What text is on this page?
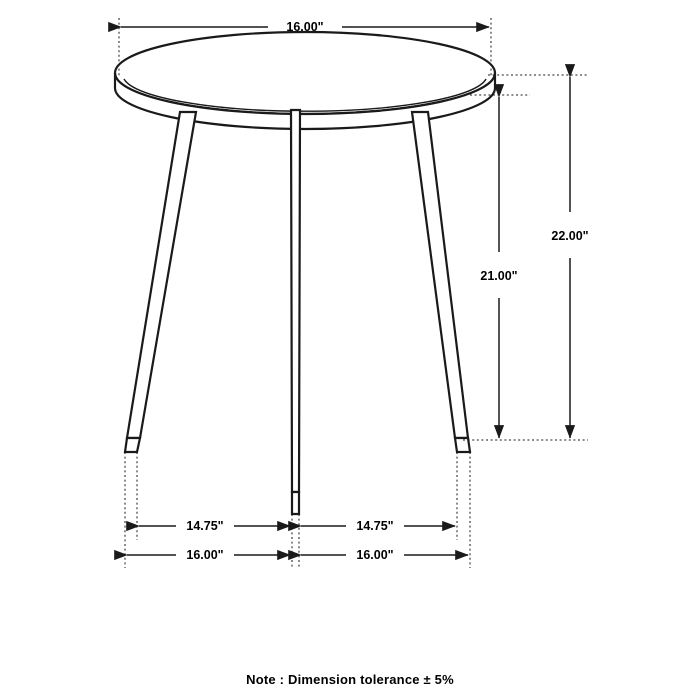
16.00"
22.00"
21.00"
14.75"	14.75"
16.00"	16.00"
Note : Dimension tolerance ± 5%
